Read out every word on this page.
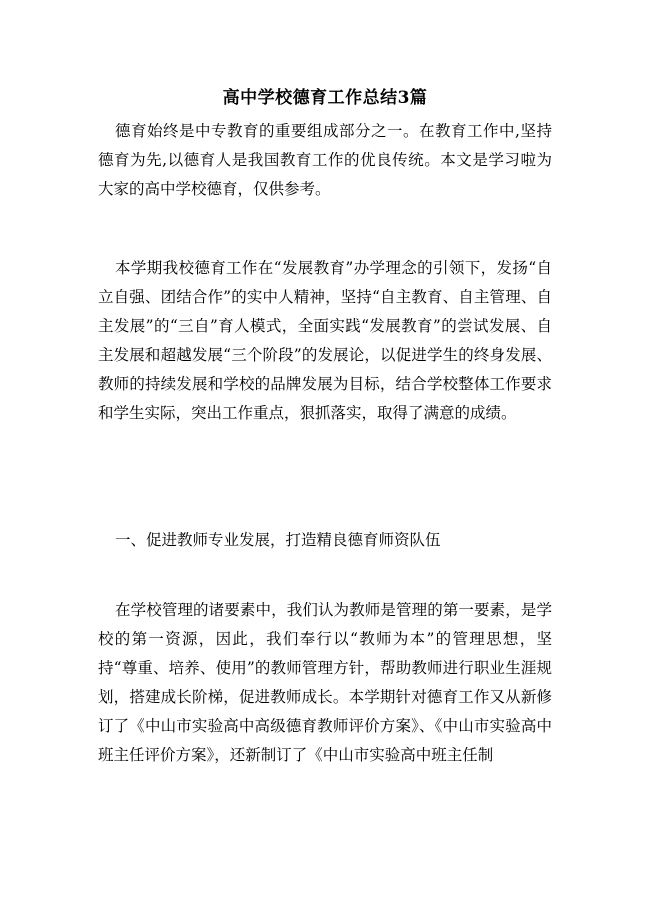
高中学校德育工作总结3篇

德育始终是中专教育的重要组成部分之一。在教育工作中,坚持德育为先,以德育人是我国教育工作的优良传统。本文是学习啦为大家的高中学校德育，仅供参考。

本学期我校德育工作在“发展教育”办学理念的引领下，发扬“自立自强、团结合作”的实中人精神，坚持“自主教育、自主管理、自主发展”的“三自”育人模式，全面实践“发展教育”的尝试发展、自主发展和超越发展“三个阶段”的发展论，以促进学生的终身发展、教师的持续发展和学校的品牌发展为目标，结合学校整体工作要求和学生实际，突出工作重点，狠抓落实，取得了满意的成绩。

一、促进教师专业发展，打造精良德育师资队伍

在学校管理的诸要素中，我们认为教师是管理的第一要素，是学校的第一资源，因此，我们奉行以“教师为本”的管理思想，坚持“尊重、培养、使用”的教师管理方针，帮助教师进行职业生涯规划，搭建成长阶梯，促进教师成长。本学期针对德育工作又从新修订了《中山市实验高中高级德育教师评价方案》、《中山市实验高中班主任评价方案》，还新制订了《中山市实验高中班主任制
